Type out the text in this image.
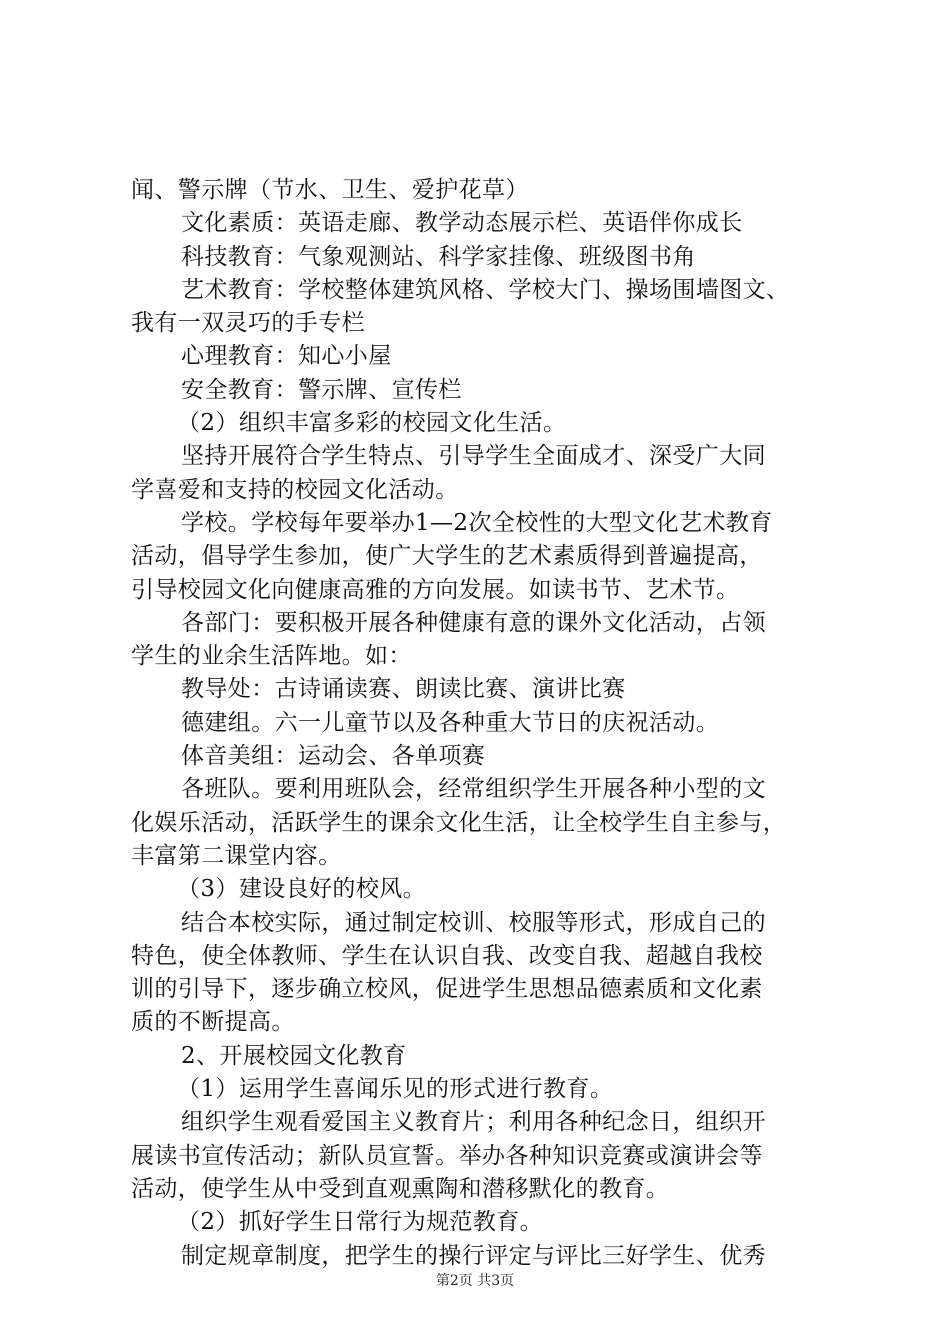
闻、警示牌（节水、卫生、爱护花草）
文化素质：英语走廊、教学动态展示栏、英语伴你成长
科技教育：气象观测站、科学家挂像、班级图书角
艺术教育：学校整体建筑风格、学校大门、操场围墙图文、
我有一双灵巧的手专栏
心理教育：知心小屋
安全教育：警示牌、宣传栏
（2）组织丰富多彩的校园文化生活。
坚持开展符合学生特点、引导学生全面成才、深受广大同
学喜爱和支持的校园文化活动。
学校。学校每年要举办1—2次全校性的大型文化艺术教育
活动，倡导学生参加，使广大学生的艺术素质得到普遍提高，
引导校园文化向健康高雅的方向发展。如读书节、艺术节。
各部门：要积极开展各种健康有意的课外文化活动，占领
学生的业余生活阵地。如：
教导处：古诗诵读赛、朗读比赛、演讲比赛
德建组。六一儿童节以及各种重大节日的庆祝活动。
体音美组：运动会、各单项赛
各班队。要利用班队会，经常组织学生开展各种小型的文
化娱乐活动，活跃学生的课余文化生活，让全校学生自主参与，
丰富第二课堂内容。
（3）建设良好的校风。
结合本校实际，通过制定校训、校服等形式，形成自己的
特色，使全体教师、学生在认识自我、改变自我、超越自我校
训的引导下，逐步确立校风，促进学生思想品德素质和文化素
质的不断提高。
2、开展校园文化教育
（1）运用学生喜闻乐见的形式进行教育。
组织学生观看爱国主义教育片；利用各种纪念日，组织开
展读书宣传活动；新队员宣誓。举办各种知识竞赛或演讲会等
活动，使学生从中受到直观熏陶和潜移默化的教育。
（2）抓好学生日常行为规范教育。
制定规章制度，把学生的操行评定与评比三好学生、优秀
第2页 共3页
